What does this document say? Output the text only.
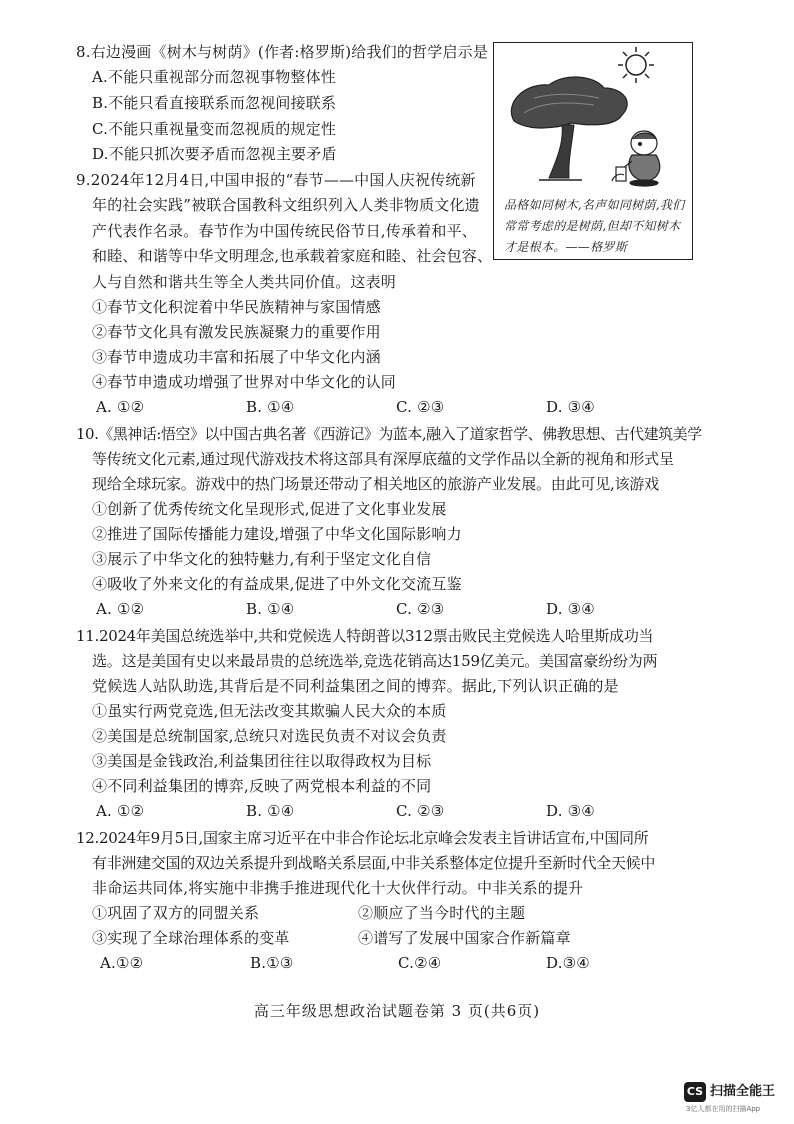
8.右边漫画《树木与树荫》(作者:格罗斯)给我们的哲学启示是
A.不能只重视部分而忽视事物整体性
B.不能只看直接联系而忽视间接联系
C.不能只重视量变而忽视质的规定性
D.不能只抓次要矛盾而忽视主要矛盾
品格如同树木,名声如同树荫,我们常常考虑的是树荫,但却不知树木才是根本。——格罗斯
9.2024年12月4日,中国申报的“春节——中国人庆祝传统新
年的社会实践”被联合国教科文组织列入人类非物质文化遗
产代表作名录。春节作为中国传统民俗节日,传承着和平、
和睦、和谐等中华文明理念,也承载着家庭和睦、社会包容、
人与自然和谐共生等全人类共同价值。这表明
①春节文化积淀着中华民族精神与家国情感
②春节文化具有激发民族凝聚力的重要作用
③春节申遗成功丰富和拓展了中华文化内涵
④春节申遗成功增强了世界对中华文化的认同
A. ①②	B. ①④	C. ②③	D. ③④
10.《黑神话:悟空》以中国古典名著《西游记》为蓝本,融入了道家哲学、佛教思想、古代建筑美学
等传统文化元素,通过现代游戏技术将这部具有深厚底蕴的文学作品以全新的视角和形式呈
现给全球玩家。游戏中的热门场景还带动了相关地区的旅游产业发展。由此可见,该游戏
①创新了优秀传统文化呈现形式,促进了文化事业发展
②推进了国际传播能力建设,增强了中华文化国际影响力
③展示了中华文化的独特魅力,有利于坚定文化自信
④吸收了外来文化的有益成果,促进了中外文化交流互鉴
A. ①②	B. ①④	C. ②③	D. ③④
11.2024年美国总统选举中,共和党候选人特朗普以312票击败民主党候选人哈里斯成功当
选。这是美国有史以来最昂贵的总统选举,竞选花销高达159亿美元。美国富豪纷纷为两
党候选人站队助选,其背后是不同利益集团之间的博弈。据此,下列认识正确的是
①虽实行两党竞选,但无法改变其欺骗人民大众的本质
②美国是总统制国家,总统只对选民负责不对议会负责
③美国是金钱政治,利益集团往往以取得政权为目标
④不同利益集团的博弈,反映了两党根本利益的不同
A. ①②	B. ①④	C. ②③	D. ③④
12.2024年9月5日,国家主席习近平在中非合作论坛北京峰会发表主旨讲话宣布,中国同所
有非洲建交国的双边关系提升到战略关系层面,中非关系整体定位提升至新时代全天候中
非命运共同体,将实施中非携手推进现代化十大伙伴行动。中非关系的提升
①巩固了双方的同盟关系	②顺应了当今时代的主题
③实现了全球治理体系的变革	④谱写了发展中国家合作新篇章
A.①②	B.①③	C.②④	D.③④
高三年级思想政治试题卷第 3 页(共6页)
CS 扫描全能王
3亿人都在用的扫描App
